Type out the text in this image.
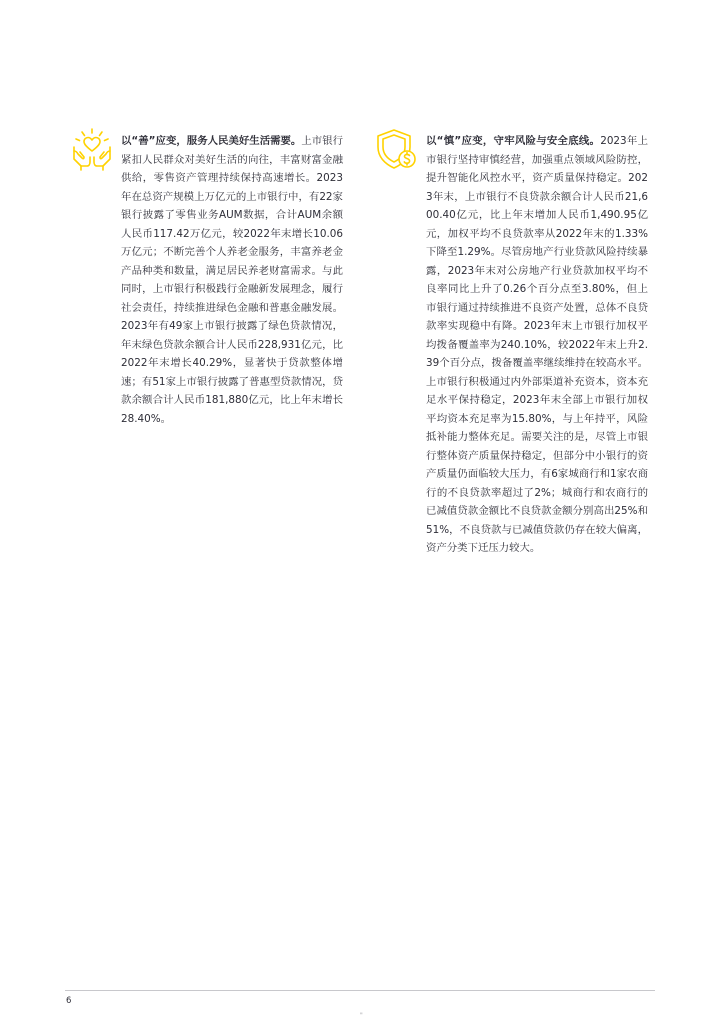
以“善”应变，服务人民美好生活需要。上市银行紧扣人民群众对美好生活的向往，丰富财富金融供给，零售资产管理持续保持高速增长。2023年在总资产规模上万亿元的上市银行中，有22家银行披露了零售业务AUM数据，合计AUM余额人民币117.42万亿元，较2022年末增长10.06万亿元；不断完善个人养老金服务，丰富养老金产品种类和数量，满足居民养老财富需求。与此同时，上市银行积极践行金融新发展理念，履行社会责任，持续推进绿色金融和普惠金融发展。2023年有49家上市银行披露了绿色贷款情况，年末绿色贷款余额合计人民币228,931亿元，比2022年末增长40.29%，显著快于贷款整体增速；有51家上市银行披露了普惠型贷款情况，贷款余额合计人民币181,880亿元，比上年末增长28.40%。
以“慎”应变，守牢风险与安全底线。2023年上市银行坚持审慎经营，加强重点领域风险防控，提升智能化风控水平，资产质量保持稳定。2023年末，上市银行不良贷款余额合计人民币21,600.40亿元，比上年末增加人民币1,490.95亿元，加权平均不良贷款率从2022年末的1.33%下降至1.29%。尽管房地产行业贷款风险持续暴露，2023年末对公房地产行业贷款加权平均不良率同比上升了0.26个百分点至3.80%，但上市银行通过持续推进不良资产处置，总体不良贷款率实现稳中有降。2023年末上市银行加权平均拨备覆盖率为240.10%，较2022年末上升2.39个百分点，拨备覆盖率继续维持在较高水平。上市银行积极通过内外部渠道补充资本，资本充足水平保持稳定，2023年末全部上市银行加权平均资本充足率为15.80%，与上年持平，风险抵补能力整体充足。需要关注的是，尽管上市银行整体资产质量保持稳定，但部分中小银行的资产质量仍面临较大压力，有6家城商行和1家农商行的不良贷款率超过了2%；城商行和农商行的已减值贷款金额比不良贷款金额分别高出25%和51%，不良贷款与已减值贷款仍存在较大偏离，资产分类下迁压力较大。
6
"
